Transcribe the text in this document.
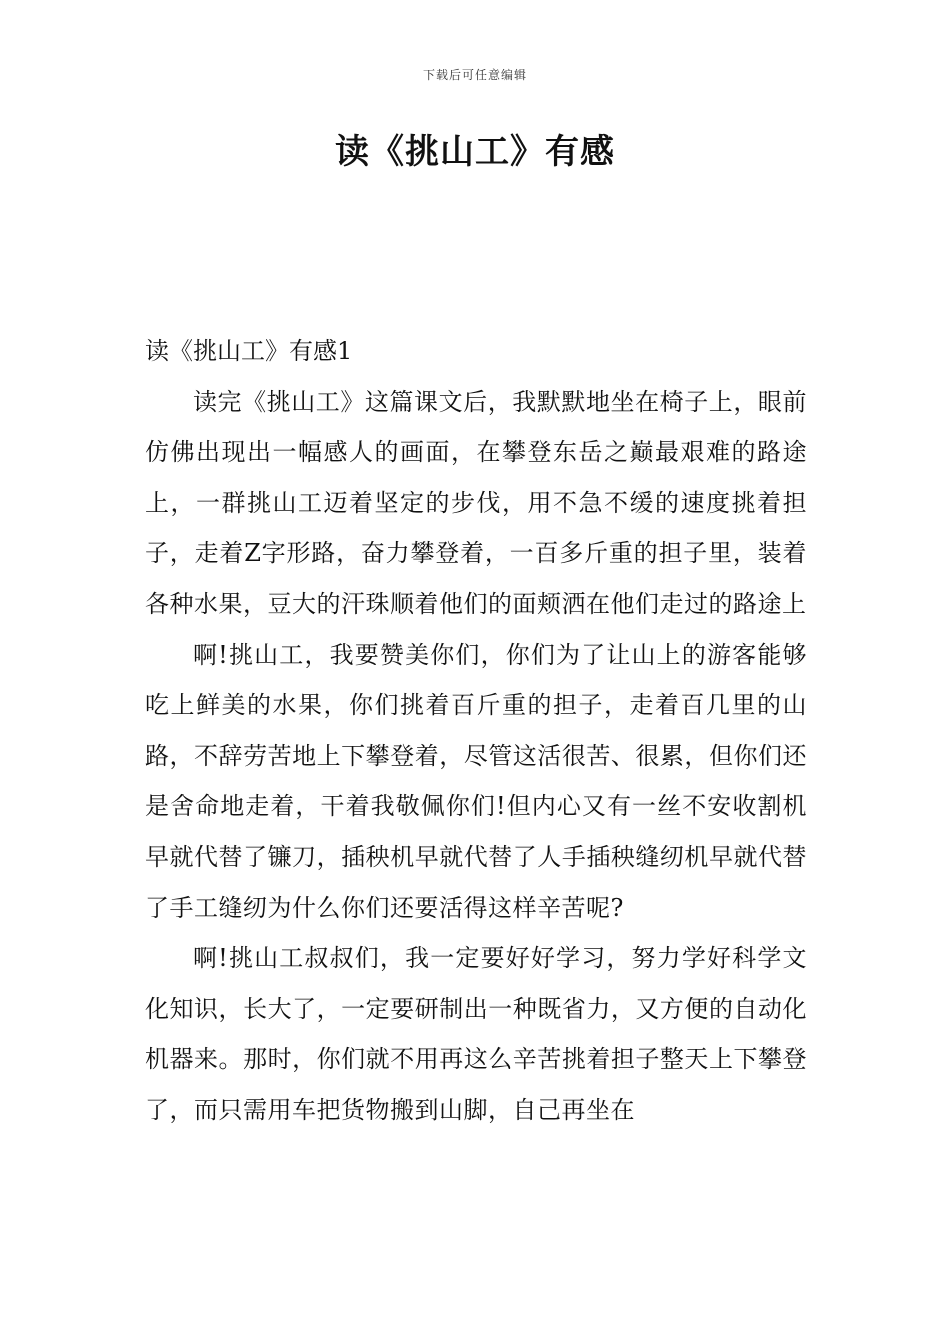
下载后可任意编辑
读《挑山工》有感
读《挑山工》有感1

读完《挑山工》这篇课文后，我默默地坐在椅子上，眼前仿佛出现出一幅感人的画面，在攀登东岳之巅最艰难的路途上，一群挑山工迈着坚定的步伐，用不急不缓的速度挑着担子，走着Z字形路，奋力攀登着，一百多斤重的担子里，装着各种水果，豆大的汗珠顺着他们的面颊洒在他们走过的路途上

啊!挑山工，我要赞美你们，你们为了让山上的游客能够吃上鲜美的水果，你们挑着百斤重的担子，走着百几里的山路，不辞劳苦地上下攀登着，尽管这活很苦、很累，但你们还是舍命地走着，干着我敬佩你们!但内心又有一丝不安收割机早就代替了镰刀，插秧机早就代替了人手插秧缝纫机早就代替了手工缝纫为什么你们还要活得这样辛苦呢?

啊!挑山工叔叔们，我一定要好好学习，努力学好科学文化知识，长大了，一定要研制出一种既省力，又方便的自动化机器来。那时，你们就不用再这么辛苦挑着担子整天上下攀登了，而只需用车把货物搬到山脚，自己再坐在
